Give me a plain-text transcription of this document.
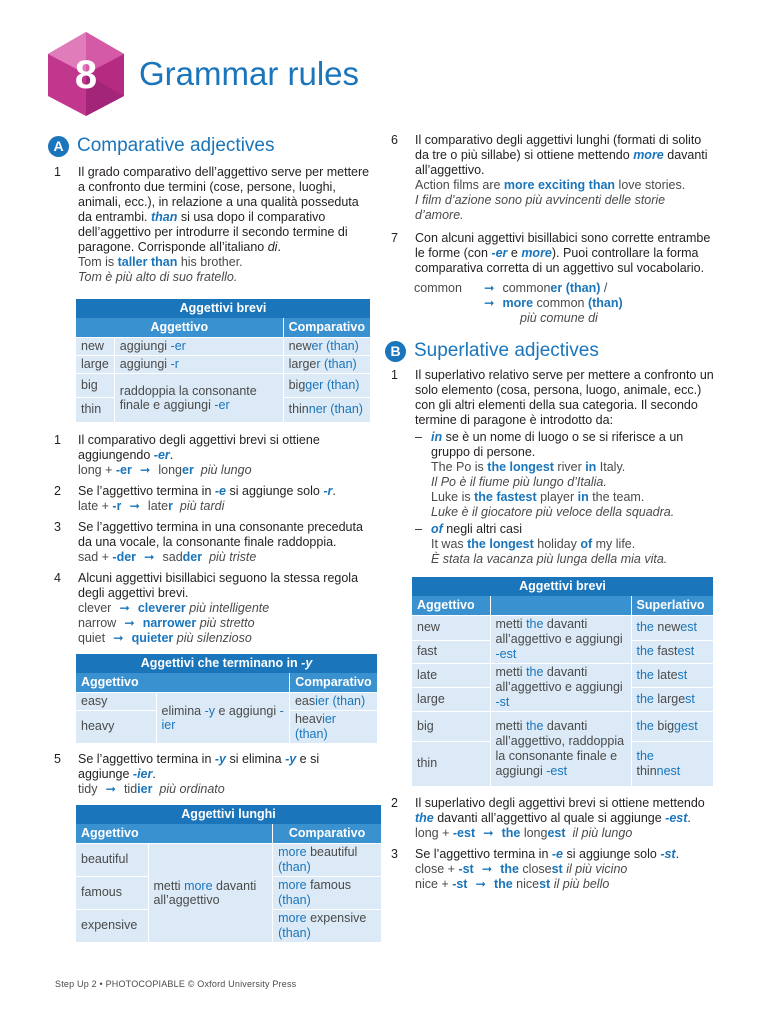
8 Grammar rules
A Comparative adjectives
1	Il grado comparativo dell’aggettivo serve per mettere a confronto due termini (cose, persone, luoghi, animali, ecc.), in relazione a una qualità posseduta da entrambi. than si usa dopo il comparativo dell’aggettivo per introdurre il secondo termine di paragone. Corrisponde all’italiano di.

Tom is taller than his brother.

Tom è più alto di suo fratello.

Aggettivi brevi		
Aggettivo		Comparativo
new	aggiungi -er	newer (than)
large	aggiungi -r	larger (than)
big	raddoppia la consonante finale e aggiungi -er	bigger (than)
thin		thinner (than)
1	Il comparativo degli aggettivi brevi si ottiene aggiungendo -er.

long + -er ➞ longer più lungo

2	Se l’aggettivo termina in -e si aggiunge solo -r.

late + -r ➞ later più tardi

3	Se l’aggettivo termina in una consonante preceduta da una vocale, la consonante finale raddoppia.

sad + -der ➞ sadder più triste

4	Alcuni aggettivi bisillabici seguono la stessa regola degli aggettivi brevi.

clever ➞ cleverer più intelligente

narrow ➞ narrower più stretto

quiet ➞ quieter più silenzioso

Aggettivi che terminano in -y		
Aggettivo		Comparativo
easy	elimina -y e aggiungi -ier	easier (than)
heavy		heavier (than)
5	Se l’aggettivo termina in -y si elimina -y e si aggiunge -ier.

tidy ➞ tidier più ordinato

Aggettivi lunghi		
Aggettivo		Comparativo
beautiful	metti more davanti all’aggettivo	more beautiful (than)
famous		more famous (than)
expensive		more expensive (than)
6	Il comparativo degli aggettivi lunghi (formati di solito da tre o più sillabe) si ottiene mettendo more davanti all’aggettivo.

Action films are more exciting than love stories.

I film d’azione sono più avvincenti delle storie d’amore.

7	Con alcuni aggettivi bisillabici sono corrette entrambe le forme (con -er e more). Puoi controllare la forma comparativa corretta di un aggettivo sul vocabolario.

common	➞ commoner (than) /

➞ more common (than)

più comune di

B Superlative adjectives
1	Il superlativo relativo serve per mettere a confronto un solo elemento (cosa, persona, luogo, animale, ecc.) con gli altri elementi della sua categoria. Il secondo termine di paragone è introdotto da:

– in se è un nome di luogo o se si riferisce a un gruppo di persone.

The Po is the longest river in Italy.

Il Po è il fiume più lungo d’Italia.

Luke is the fastest player in the team.

Luke è il giocatore più veloce della squadra.

– of negli altri casi

It was the longest holiday of my life.

È stata la vacanza più lunga della mia vita.

Aggettivi brevi		
Aggettivo		Superlativo
new	metti the davanti all’aggettivo e aggiungi -est	the newest
fast		the fastest
late	metti the davanti all’aggettivo e aggiungi -st	the latest
large		the largest
big	metti the davanti all’aggettivo, raddoppia la consonante finale e aggiungi -est	the biggest
thin		the
thinnest
2	Il superlativo degli aggettivi brevi si ottiene mettendo the davanti all’aggettivo al quale si aggiunge -est.

long + -est ➞ the longest il più lungo

3	Se l’aggettivo termina in -e si aggiunge solo -st.

close + -st ➞ the closest il più vicino

nice + -st ➞ the nicest il più bello

Step Up 2 • PHOTOCOPIABLE © Oxford University Press
